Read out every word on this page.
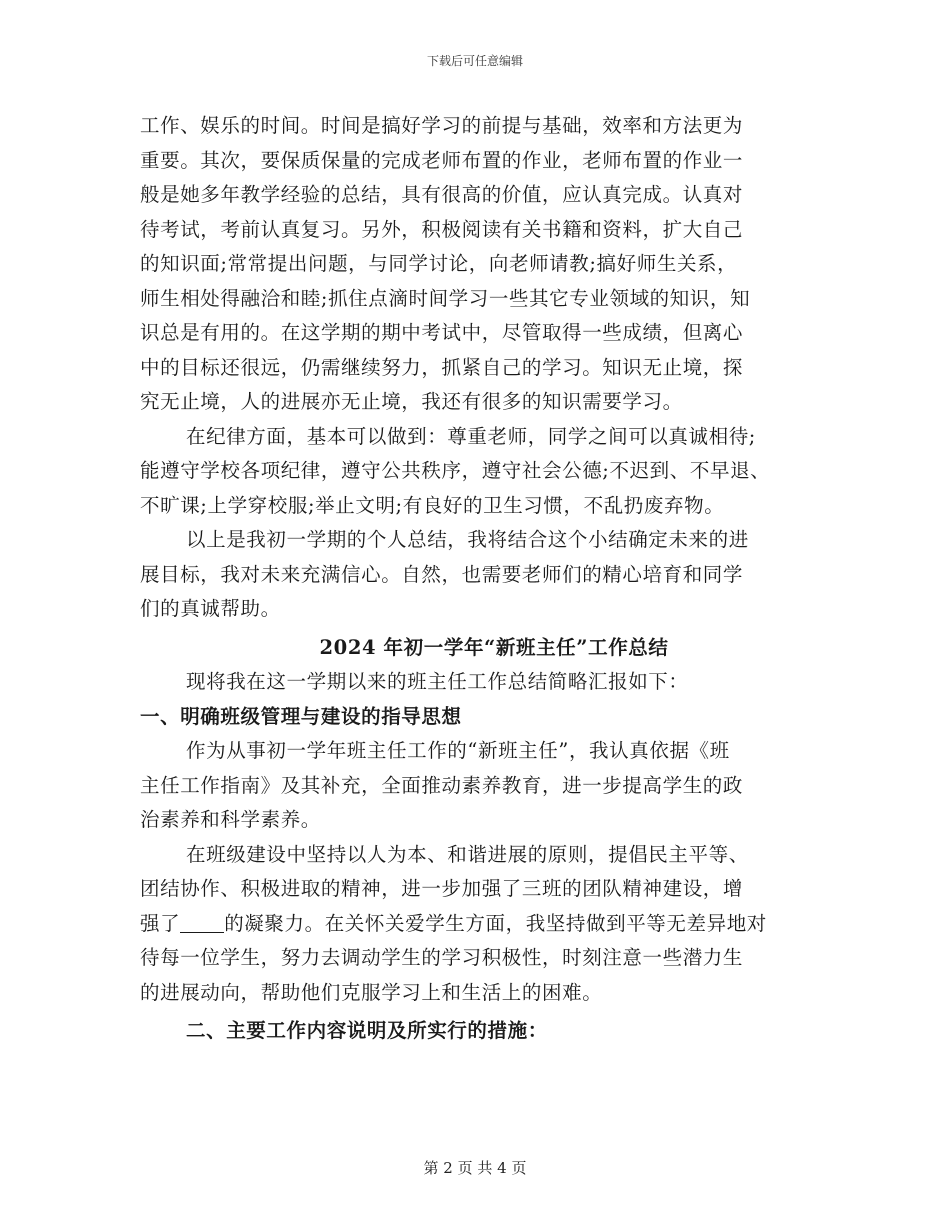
下载后可任意编辑
工作、娱乐的时间。时间是搞好学习的前提与基础，效率和方法更为
重要。其次，要保质保量的完成老师布置的作业，老师布置的作业一
般是她多年教学经验的总结，具有很高的价值，应认真完成。认真对
待考试，考前认真复习。另外，积极阅读有关书籍和资料，扩大自己
的知识面;常常提出问题，与同学讨论，向老师请教;搞好师生关系，
师生相处得融洽和睦;抓住点滴时间学习一些其它专业领域的知识，知
识总是有用的。在这学期的期中考试中，尽管取得一些成绩，但离心
中的目标还很远，仍需继续努力，抓紧自己的学习。知识无止境，探
究无止境，人的进展亦无止境，我还有很多的知识需要学习。
在纪律方面，基本可以做到：尊重老师，同学之间可以真诚相待;
能遵守学校各项纪律，遵守公共秩序，遵守社会公德;不迟到、不早退、
不旷课;上学穿校服;举止文明;有良好的卫生习惯，不乱扔废弃物。
以上是我初一学期的个人总结，我将结合这个小结确定未来的进
展目标，我对未来充满信心。自然，也需要老师们的精心培育和同学
们的真诚帮助。
2024 年初一学年“新班主任”工作总结
现将我在这一学期以来的班主任工作总结简略汇报如下：
一、明确班级管理与建设的指导思想
作为从事初一学年班主任工作的“新班主任”，我认真依据《班
主任工作指南》及其补充，全面推动素养教育，进一步提高学生的政
治素养和科学素养。
在班级建设中坚持以人为本、和谐进展的原则，提倡民主平等、
团结协作、积极进取的精神，进一步加强了三班的团队精神建设，增
强了 的凝聚力。在关怀关爱学生方面，我坚持做到平等无差异地对
待每一位学生，努力去调动学生的学习积极性，时刻注意一些潜力生
的进展动向，帮助他们克服学习上和生活上的困难。
二、主要工作内容说明及所实行的措施：
第 2 页 共 4 页
